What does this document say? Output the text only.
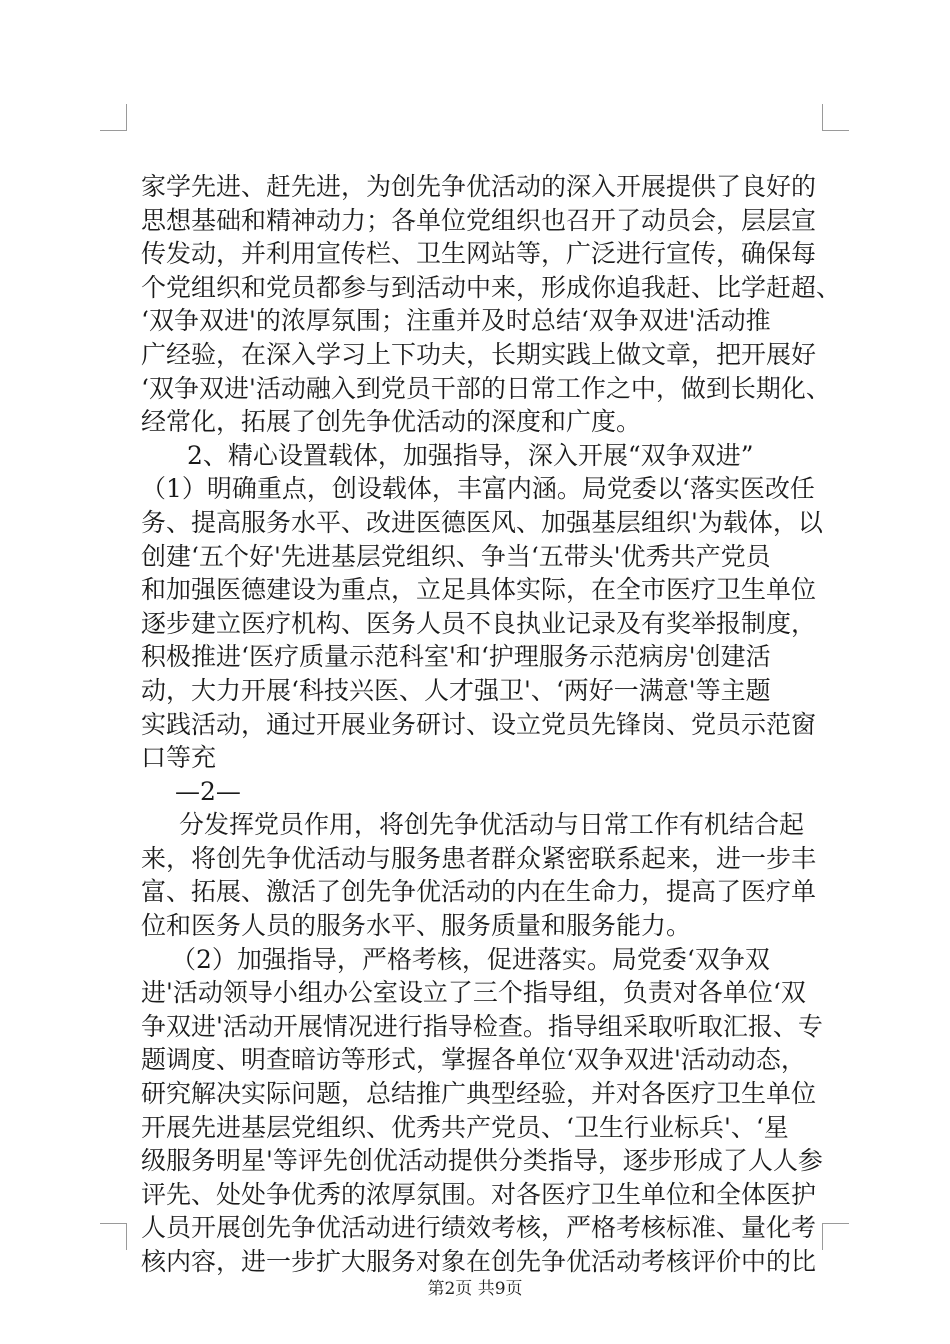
家学先进、赶先进，为创先争优活动的深入开展提供了良好的
思想基础和精神动力；各单位党组织也召开了动员会，层层宣
传发动，并利用宣传栏、卫生网站等，广泛进行宣传，确保每
个党组织和党员都参与到活动中来，形成你追我赶、比学赶超、
‘双争双进'的浓厚氛围；注重并及时总结‘双争双进'活动推
广经验，在深入学习上下功夫，长期实践上做文章，把开展好
‘双争双进'活动融入到党员干部的日常工作之中，做到长期化、
经常化，拓展了创先争优活动的深度和广度。
2、精心设置载体，加强指导，深入开展“双争双进”
（1）明确重点，创设载体，丰富内涵。局党委以‘落实医改任
务、提高服务水平、改进医德医风、加强基层组织'为载体，以
创建‘五个好'先进基层党组织、争当‘五带头'优秀共产党员
和加强医德建设为重点，立足具体实际，在全市医疗卫生单位
逐步建立医疗机构、医务人员不良执业记录及有奖举报制度，
积极推进‘医疗质量示范科室'和‘护理服务示范病房'创建活
动，大力开展‘科技兴医、人才强卫'、‘两好一满意'等主题
实践活动，通过开展业务研讨、设立党员先锋岗、党员示范窗
口等充
—2—
分发挥党员作用，将创先争优活动与日常工作有机结合起
来，将创先争优活动与服务患者群众紧密联系起来，进一步丰
富、拓展、激活了创先争优活动的内在生命力，提高了医疗单
位和医务人员的服务水平、服务质量和服务能力。
（2）加强指导，严格考核，促进落实。局党委‘双争双
进'活动领导小组办公室设立了三个指导组，负责对各单位‘双
争双进'活动开展情况进行指导检查。指导组采取听取汇报、专
题调度、明查暗访等形式，掌握各单位‘双争双进'活动动态，
研究解决实际问题，总结推广典型经验，并对各医疗卫生单位
开展先进基层党组织、优秀共产党员、‘卫生行业标兵'、‘星
级服务明星'等评先创优活动提供分类指导，逐步形成了人人参
评先、处处争优秀的浓厚氛围。对各医疗卫生单位和全体医护
人员开展创先争优活动进行绩效考核，严格考核标准、量化考
核内容，进一步扩大服务对象在创先争优活动考核评价中的比
第2页 共9页
